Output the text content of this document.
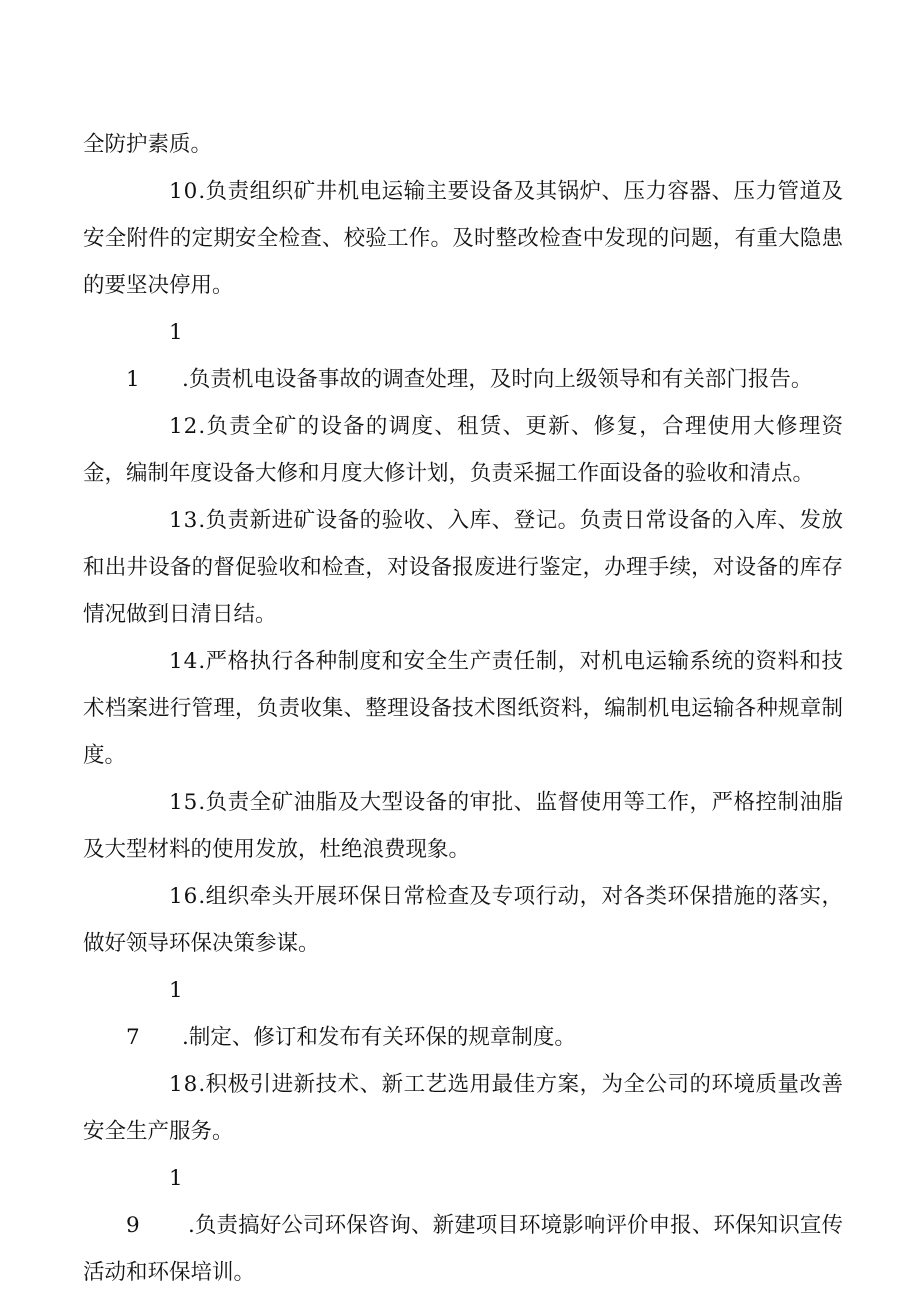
全防护素质。

10.负责组织矿井机电运输主要设备及其锅炉、压力容器、压力管道及安全附件的定期安全检查、校验工作。及时整改检查中发现的问题，有重大隐患的要坚决停用。

11 .负责机电设备事故的调查处理，及时向上级领导和有关部门报告。

12.负责全矿的设备的调度、租赁、更新、修复，合理使用大修理资金，编制年度设备大修和月度大修计划，负责采掘工作面设备的验收和清点。

13.负责新进矿设备的验收、入库、登记。负责日常设备的入库、发放和出井设备的督促验收和检查，对设备报废进行鉴定，办理手续，对设备的库存情况做到日清日结。

14.严格执行各种制度和安全生产责任制，对机电运输系统的资料和技术档案进行管理，负责收集、整理设备技术图纸资料，编制机电运输各种规章制度。

15.负责全矿油脂及大型设备的审批、监督使用等工作，严格控制油脂及大型材料的使用发放，杜绝浪费现象。

16.组织牵头开展环保日常检查及专项行动，对各类环保措施的落实，做好领导环保决策参谋。

17 .制定、修订和发布有关环保的规章制度。

18.积极引进新技术、新工艺选用最佳方案，为全公司的环境质量改善安全生产服务。

19 .负责搞好公司环保咨询、新建项目环境影响评价申报、环保知识宣传活动和环保培训。
